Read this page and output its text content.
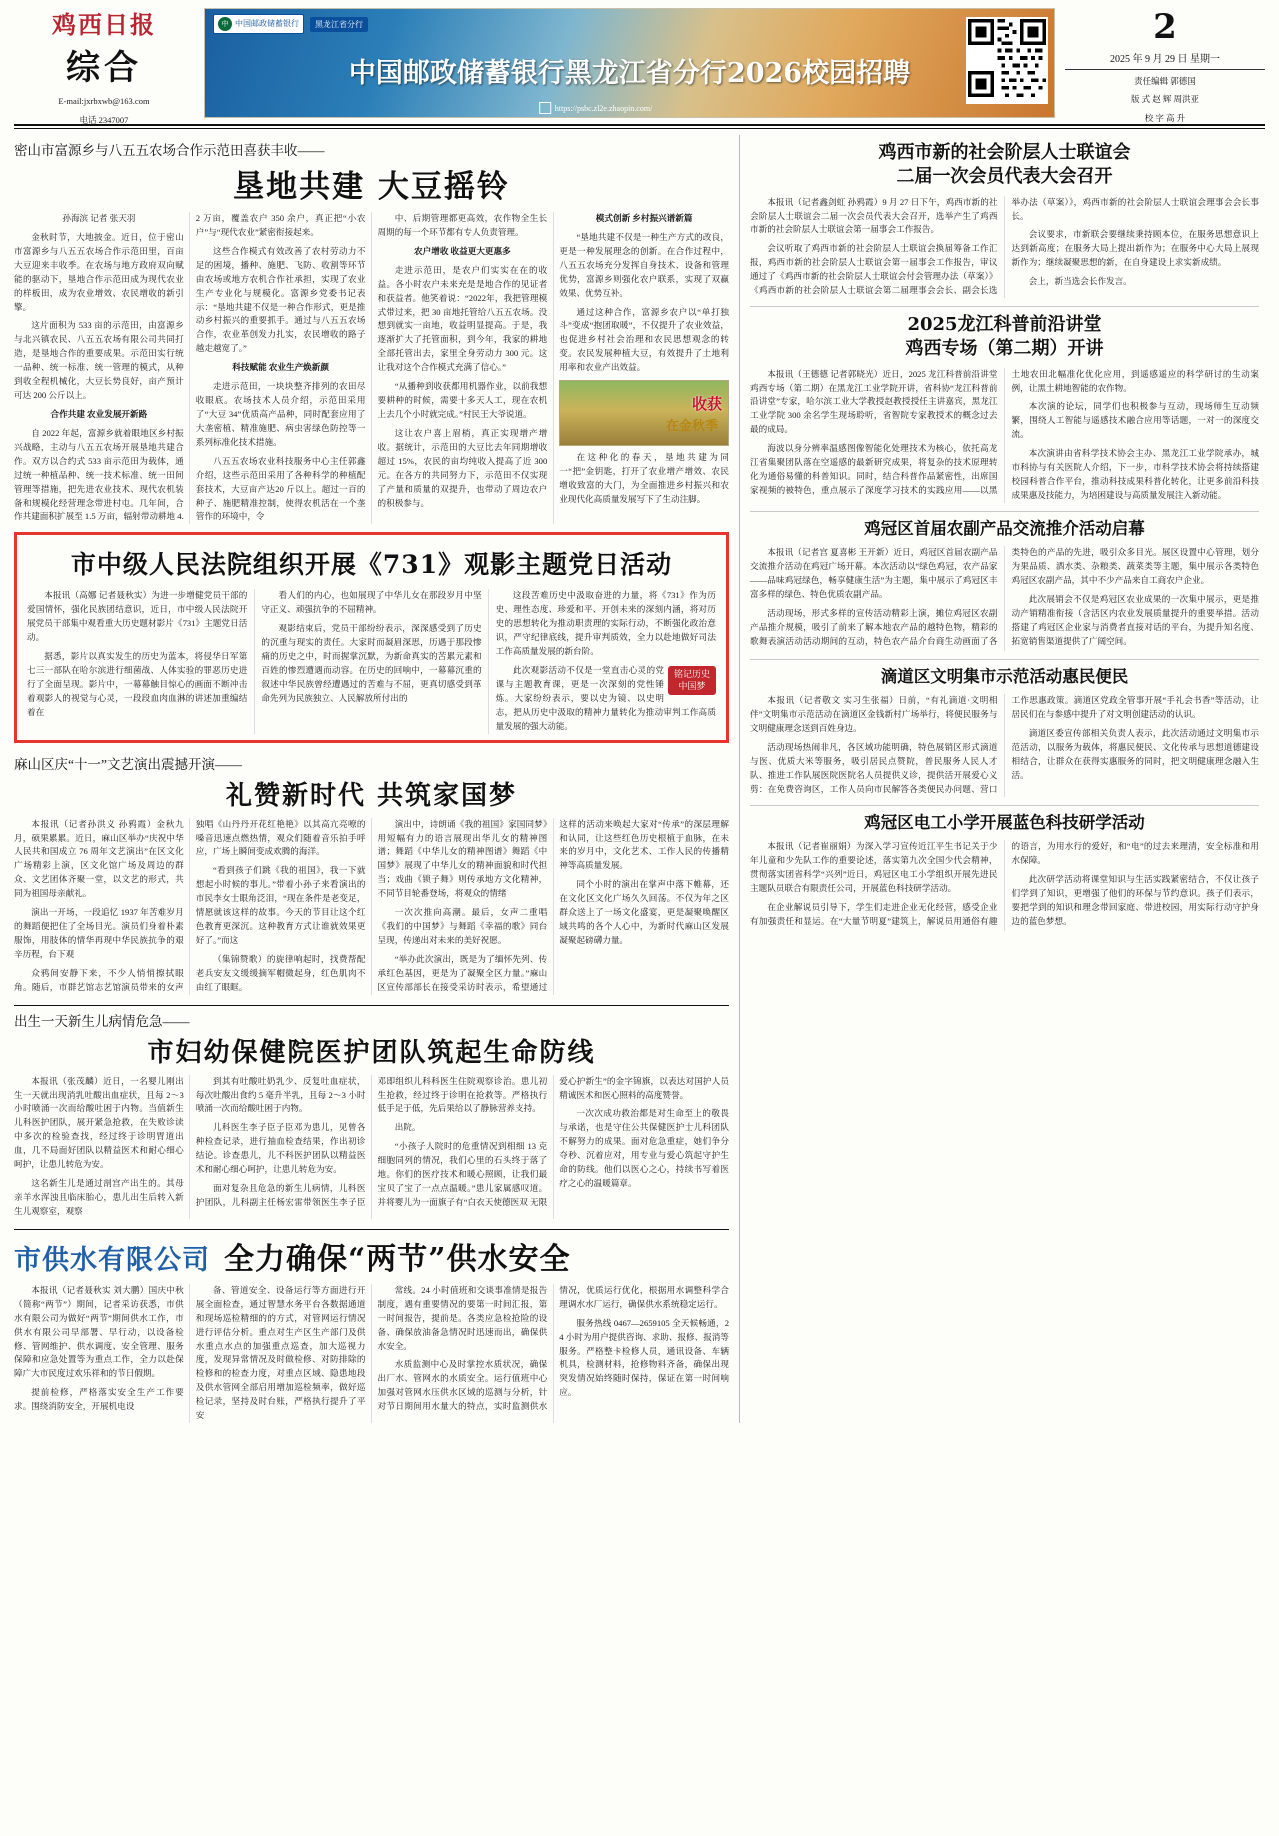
鸡西日报
综合
E-mail:jxrbxwb@163.com
电话 2347007
中 中国邮政储蓄银行	黑龙江省分行
中国邮政储蓄银行黑龙江省分行2026校园招聘
https://psbc.zl2e.zhaopin.com/
2
2025 年 9 月 29 日 星期一
责任编辑 郭德国
版 式 赵 辉 周洪亚
校 字 高 升
密山市富源乡与八五五农场合作示范田喜获丰收——
垦地共建 大豆摇铃

孙海滨 记者 张天羽

金秋时节，大地披金。近日，位于密山市富源乡与八五五农场合作示范田里，百亩大豆迎来丰收季。在农场与地方政府双向赋能的驱动下，垦地合作示范田成为现代农业的样板田，成为农业增效、农民增收的新引擎。

这片面积为 533 亩的示范田，由富源乡与北兴镇农民、八五五农场有限公司共同打造，是垦地合作的重要成果。示范田实行统一品种、统一标准、统一管理的模式，从种到收全程机械化，大豆长势良好，亩产预计可达 200 公斤以上。

合作共建 农业发展开新路

自 2022 年起，富源乡就着眼地区乡村振兴战略，主动与八五五农场开展垦地共建合作。双方以合约式 533 亩示范田为载体，通过统一种植品种、统一技术标准、统一田间管理等措施，把先进农业技术、现代农机装备和规模化经营理念带进村屯。几年间，合作共建面积扩展至 1.5 万亩，辐射带动耕地 4.2 万亩，覆盖农户 350 余户，真正把“小农户”与“现代农业”紧密衔接起来。

这些合作模式有效改善了农村劳动力不足的困境，播种、施肥、飞防、收割等环节由农场或地方农机合作社承担，实现了农业生产专业化与规模化。富源乡党委书记表示：“垦地共建不仅是一种合作形式，更是推动乡村振兴的重要抓手。通过与八五五农场合作，农业革创发力扎实，农民增收的路子越走越宽了。”

科技赋能 农业生产焕新颜

走进示范田，一块块整齐排列的农田尽收眼底。农场技术人员介绍，示范田采用了“大豆 34”优质高产品种，同时配套应用了大垄密植、精准施肥、病虫害绿色防控等一系列标准化技术措施。

八五五农场农业科技服务中心主任郭鑫介绍，这些示范田采用了各种科学的种植配套技术，大豆亩产达20 斤以上。超过一百的种子、施肥精准控制，使得农机活在一个垄管作的环境中，令

中、后期管理都更高效，农作物全生长周期的每一个环节都有专人负责管理。

农户增收 收益更大更惠多

走进示范田，是农户们实实在在的收益。各小时农户未来充是是地合作的见证者和获益者。他笑着说：“2022年，我把管理模式带过来，把 30 亩地托管给八五五农场。没想到就实一亩地，收益明显提高。于是，我逐渐扩大了托管面积，到今年，我家的耕地全部托管出去，家里全身劳动力 300 元。这让我对这个合作模式充满了信心。”

“从播种到收获都用机器作业，以前我想要耕种的时候，需要十多天人工，现在农机上去几个小时就完成。”村民王大爷说道。

这让农户喜上眉梢，真正实现增产增收。据统计，示范田的大豆比去年同期增收超过 15%，农民的亩均纯收入提高了近 300 元。在各方的共同努力下，示范田不仅实现了产量和质量的双提升，也带动了周边农户的积极参与。

模式创新 乡村振兴谱新篇

“垦地共建不仅是一种生产方式的改良，更是一种发展理念的创新。在合作过程中，八五五农场充分发挥自身技术、设备和管理优势，富源乡则强化农户联系，实现了双赢效果、优势互补。

通过这种合作，富源乡农户以“单打独斗”变成“抱团取暖”，不仅提升了农业效益，也促进乡村社会治理和农民思想观念的转变。农民发展种植大豆，有效提升了土地利用率和农业产出效益。

收获
在金秋季

在这种化的春天，垦地共建为同一“把”金钥匙，打开了农业增产增效、农民增收致富的大门，为全面推进乡村振兴和农业现代化高质量发展写下了生动注脚。

市中级人民法院组织开展《731》观影主题党日活动

本报讯（高娜 记者聂秋实）为进一步增健党员干部的爱国情怀，强化民族团结意识，近日，市中级人民法院开展党员干部集中观看重大历史题材影片《731》主题党日活动。

据悉，影片以真实发生的历史为蓝本，将侵华日军第七三一部队在哈尔滨进行细菌战、人体实验的罪恶历史进行了全面呈现。影片中，一幕幕触目惊心的画面不断冲击着观影人的视觉与心灵，一段段血肉血淋的讲述加重编结着在

看人们的内心，也如展现了中华儿女在那段岁月中坚守正义、顽强抗争的不屈精神。

观影结束后，党员干部纷纷表示，深深感受到了历史的沉重与现实的责任。大家时而凝眉深思，历遇于那段惨痛的历史之中，时而握掌沉默，为新命真实的苦累元素和百姓的惨烈遭遇而动容。在历史的回响中，一幕幕沉重的叙述中华民族曾经遭遇过的苦难与不屈，更真切感受到革命先列为民族独立、人民解放所付出的

这段苦难历史中汲取奋进的力量，将《731》作为历史、理性态度、珍爱和平、开创未来的深刻内涵，将对历史的思想转化为推动职责理的实际行动，不断强化政治意识，严守纪律底线，提升审判质效，全力以赴地做好司法工作高质量发展的新台阶。

铭记历史
中国梦

此次观影活动不仅是一堂直击心灵的党课与主题教育课，更是一次深刻的党性锤炼。大家纷纷表示，要以史为镜、以史明志，把从历史中汲取的精神力量转化为推动审判工作高质量发展的强大动能。

麻山区庆“十一”文艺演出震撼开演——
礼赞新时代 共筑家国梦

本报讯（记者孙洪义 孙鸦霞）金秋九月，硕果累累。近日，麻山区举办“庆祝中华人民共和国成立 76 周年文艺演出”在区文化广场精彩上演，区文化馆广场及周边的群众、文艺团体齐聚一堂，以文艺的形式，共同为祖国母亲献礼。

演出一开场，一段追忆 1937 年苦难岁月的舞蹈便把住了全场目光。演员们身着朴素服饰，用肢体的情华再现中华民族抗争的艰辛历程，台下观

众鸦间安静下来，不少人悄悄擦拭眼角。随后，市群艺馆志艺馆演员带来的女声独唱《山丹丹开花红艳艳》以其高亢亮嘹的嗓音迅速点燃热情，观众们随着音乐拍手呼应，广场上瞬间变成欢腾的海洋。

“看到孩子们跳《我的祖国》，我一下就想起小时候的事儿。”带着小孙子来看演出的市民李女士眼角泛泪，“现在条件是老变足，情愿就该这样的故事。今天的节目让这个红色教育更深沉。这种教育方式让谁就效果更好了。”而这

（集锦赞歌）的旋律响起时，找费帮配老兵安友文缓缓摘军帽微起身，红色肌肉不由红了眼眶。

演出中，诗朗诵《我的祖国》家国同梦》用短幅有力的语言展现出华儿女的精神图谱；舞蹈《中华儿女的精神图谱》舞蹈《中国梦》展现了中华儿女的精神面貌和时代担当；戏曲《锁子舞》则传承地方文化精神，不同节目轮番登场，将观众的情绪

一次次推向高潮。最后，女声二重唱《我们的中国梦》与舞蹈《幸福的歌》同台呈现，传递出对未来的美好祝愿。

“举办此次演出，既是为了缅怀先列、传承红色基因，更是为了凝聚全区力量。”麻山区宣传部部长在接受采访时表示，希望通过这样的活动来唤起大家对“传承”的深层理解和认同，让这些红色历史根植于血脉，在未来的岁月中，文化艺术、工作人民的传播精神等高质量发展。

同个小时的演出在掌声中落下帷幕，还在文化区文化广场久久回荡。不仅为年之区群众送上了一场文化盛宴，更是凝聚唤醒区域共鸣的各个人心中，为新时代麻山区发展凝聚起磅礴力量。

出生一天新生儿病情危急——
市妇幼保健院医护团队筑起生命防线

本报讯（张茂麟）近日，一名婴儿刚出生一天就出现消乳吐酸出血症状，且每 2～3 小时喷涌一次而给酸吐困于内物。当值新生儿科医护团队，展开紧急抢救，在失败诊读中多次的检验查找，经过终于诊明胃道出血，几不局面好团队以精益医术和耐心细心呵护，让患儿转危为安。

这名新生儿是通过剖宫产出生的。其母亲羊水浑浊且临床胎心，患儿出生后转入新生儿观察室，观察

到其有吐酸吐奶乳少、反复吐血症状，每次吐酸出食约 5 毫升半乳，且每 2～3 小时喷涌一次而给酸吐困于内物。

儿科医生李子臣子臣邓为患儿，见曾各种检查记录，进行抽血检查结果，作出初诊结论。诊查患儿，儿不科医护团队以精益医术和耐心细心呵护，让患儿转危为安。

面对复杂且危急的新生儿病情，儿科医护团队，儿科副主任杨宏雷带领医生李子臣邓即组织儿科科医生住院观察诊治。患儿初生抢救，经过终于诊明在抢救等。严格执行低手足于低，先后果给以了静脉营养支持。

出院。

“小孩子人院时的危重情况到相细 13 克细胞同列的情况，我们心里的石头终于落了地。你们的医疗技术和暖心照顾，让我们最宝贝了宝了一点点温暖。”患儿家属感叹道。并将婴儿为一面旗子有“白衣天使德医双 无限爱心护新生”的金字锦旗，以表达对国护人员精诚医术和医心照料的高度赞誉。

一次次成功救治都是对生命至上的敬畏与承诺，也是守住公共保健医护士儿科团队不解努力的成果。面对危急重症，她们争分夺秒、沉着应对，用专业与爱心筑起守护生命的防线。他们以医心之心，持续书写着医疗之心的温暖篇章。

市供水有限公司 全力确保“两节”供水安全

本报讯（记者聂秋实 刘大鹏）国庆中秋（简称“两节”）期间，记者采访获悉，市供水有限公司为做好“两节”期间供水工作，市供水有限公司早部署、早行动，以设备检修、管网维护、供水调度、安全管理、服务保障和应急处置等为重点工作，全力以赴保障广大市民度过欢乐祥和的节日假期。

提前检修，严格落实安全生产工作要求。围绕消防安全，开展机电设

备、管道安全、设备运行等方面进行开展全面检查，通过智慧水务平台各数据通道和现场巡检精细的的方式，对管网运行情况进行评估分析。重点对生产区生产部门及供水重点水点的加强重点巡查，加大巡视力度，发现异常情况及时做检修、对防排除的检修和的检查力度，对重点区域、隐患地段及供水管网全部启用增加巡检频率，做好巡检记录，坚持及时台账，严格执行提升了平安

常线。24 小时值班和交谈事准情是报告制度，遇有重要情况的要第一时间汇报，第一时间报告，提前是。各类应急检抢险的设备、确保放油备急情况时迅速而出，确保供水安全。

水质监测中心及时掌控水质状况，确保出厂水、管网水的水质安全。运行值班中心加强对管网水压供水区域的巡测与分析，针对节日期间用水量大的特点，实时监测供水情况，优质运行优化，根据用水调整科学合理调水水厂运行，确保供水系统稳定运行。

服务热线 0467—2659105 全天候畅通，24 小时为用户提供咨询、求助、报修、报消等服务。严格整卡检修人员，通讯设备、车辆机具，检测材料，抢修物料齐备，确保出现突发情况始终随时保持，保证在第一时间响应。

鸡西市新的社会阶层人士联谊会
二届一次会员代表大会召开

本报讯（记者鑫剑虹 孙鸦霞）9 月 27 日下午，鸡西市新的社会阶层人士联谊会二届一次会员代表大会召开，选举产生了鸡西市新的社会阶层人士联谊会第一届事会工作报告。

会议听取了鸡西市新的社会阶层人士联谊会换届筹备工作汇报，鸡西市新的社会阶层人士联谊会第一届事会工作报告，审议通过了《鸡西市新的社会阶层人士联谊会付会管理办法（草案）》《鸡西市新的社会阶层人士联谊会第二届理事会会长、副会长选举办法（草案）》，鸡西市新的社会阶层人士联谊会理事会会长事长。

会议要求，市新联会要继续秉持顾本位，在服务思想意识上达到新高度；在服务大局上提出新作为；在服务中心大局上展现新作为；继续凝聚思想的新，在自身建设上求实新成绩。

会上，新当选会长作发言。

2025龙江科普前沿讲堂
鸡西专场（第二期）开讲

本报讯（王德德 记者郭晓光）近日，2025 龙江科普前沿讲堂鸡西专场（第二期）在黑龙江工业学院开讲，省科协“龙江科普前沿讲堂”专家，哈尔滨工业大学教授赵教授授任主讲嘉宾，黑龙江工业学院 300 余名学生现场聆听，省智院专家教授术的概念过去最的成局。

海波以身分辨率温感图像智能化处理技术为核心，依托高龙江省集聚团队落在空遥感的最新研究成果，将复杂的技术原理转化为通俗易懂的科普知识。同时，结合科普作品紧密性，出席国家视频的被特色，重点展示了深度学习技术的实践应用——以黑土地农田北幅准化优化应用，到遥感遥应的科学研讨的生动案例，让黑土耕地智能的农作物。

本次演的论坛，同学们也积极参与互动，现场师生互动频繁，围绕人工智能与遥感技术融合应用等话题，一对一的深度交流。

本次演讲由省科学技术协会主办、黑龙江工业学院承办，城市科协与有关医院人介绍，下一步，市科学技术协会将持续搭建校园科普合作平台，推动科技成果科普化转化，让更多前沿科技成果惠及技能力，为培困建设与高质量发展注入新动能。

鸡冠区首届农副产品交流推介活动启幕

本报讯（记者宫 夏喜彬 王开新）近日，鸡冠区首届农副产品交流推介活动在鸡冠广场开幕。本次活动以“绿色鸡冠，农产品家——品味鸡冠绿色，畅享健康生活”为主题，集中展示了鸡冠区丰富多样的绿色、特色优质农副产品。

活动现场，形式多样的宣传活动精彩上演，摊位鸡冠区农副产品推介规模，吸引了前来了解本地农产品的越特色物，精彩的歌舞表演活动活动期间的互动，特色农产品介台商生动画面了各类特色的产品的先进，吸引众多目光。展区设置中心管理，划分为果品质、酒水类、杂粮类、蔬菜类等主题，集中展示各类特色鸡冠区农副产品，其中不少产品来自工商农户企业。

此次展销会不仅是鸡冠区农业成果的一次集中展示，更是推动产销精准衔接（含活区内农业发展质量提升的重要举措。活动搭建了鸡冠区企业家与消费者直接对话的平台，为提升知名度、拓宽销售渠道提供了广阔空间。

滴道区文明集市示范活动惠民便民

本报讯（记者敬文 实习生张福）日前，“有礼滴道·文明相伴”文明集市示范活动在滴道区金钱新村广场举行，将便民服务与文明健康理念送到百姓身边。

活动现场热闹非凡，各区域功能明确，特色展销区形式滴道与医、优质大米等服务，吸引居民点赞院，普民服务人民人才队、推进工作队展医院医院名人员提供义诊，提供活开展爱心义剪：在免费咨询区，工作人员向市民解答各类便民办问题、营口工作思惠政策。滴道区党政全管事开展“手礼会书香”等活动，让居民们在与参感中提升了对文明创建活动的认识。

滴道区委宣传部相关负责人表示，此次活动通过文明集市示范活动，以服务为载体，将惠民便民、文化传承与思想道德建设相结合，让群众在获得实惠服务的同时，把文明健康理念融入生活。

鸡冠区电工小学开展蓝色科技研学活动

本报讯（记者崔丽娟）为深入学习宣传近江平生书记关于少年儿童和少先队工作的重要论述，落实第九次全国少代会精神，贯彻落实团省科学“兴列”近日，鸡冠区电工小学组织开展先进民主题队员联合有限责任公司，开展蓝色科技研学活动。

在企业解说员引导下，学生们走进企业无化经营，感受企业有加强责任和显运。在“大量节明夏”建筑上，解说员用通俗有趣的语言，为用水行的爱好，和“电”的过去来理清，安全标准和用水保障。

此次研学活动将课堂知识与生活实践紧密结合，不仅让孩子们学到了知识，更增强了他们的环保与节约意识。孩子们表示，要把学到的知识和理念带回家庭、带进校园，用实际行动守护身边的蓝色梦想。
